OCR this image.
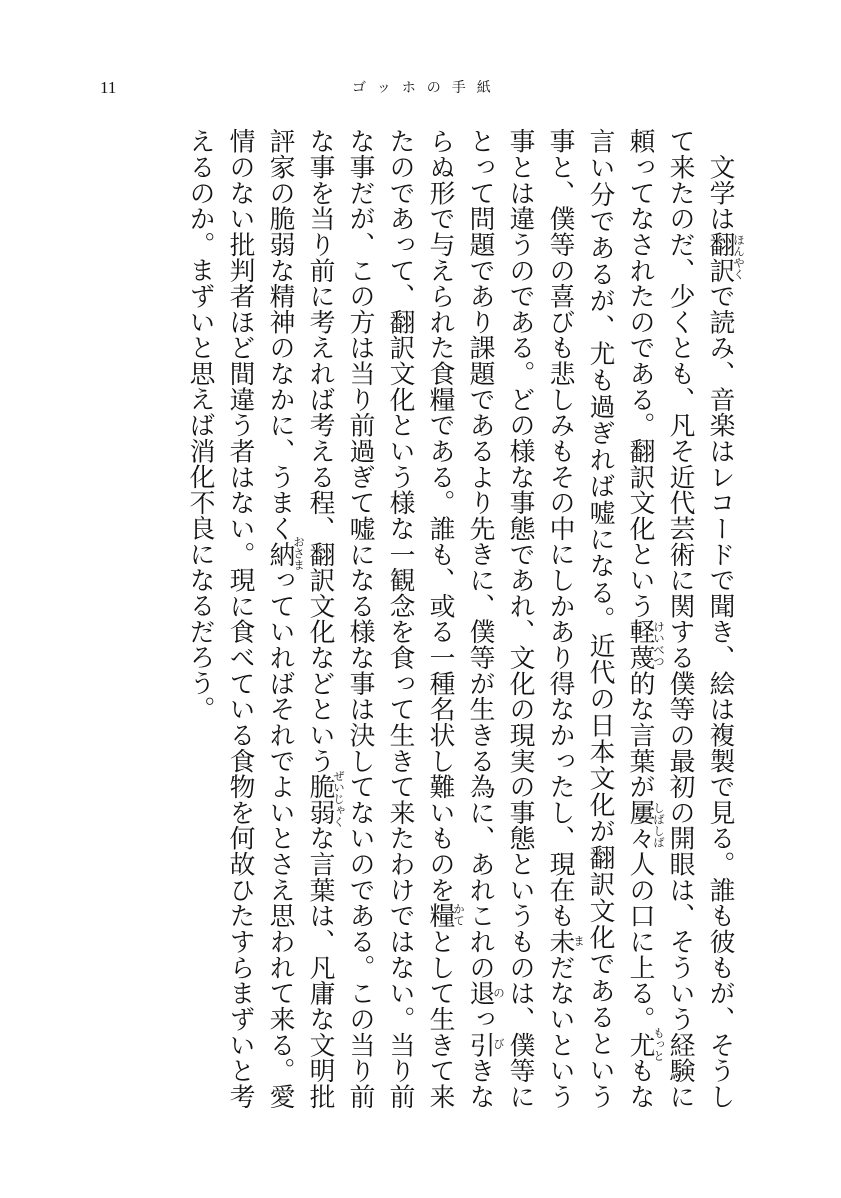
11	ゴッホの手紙
　文学は翻訳で読み、音楽はレコードで聞き、絵は複製で見る。誰も彼もが、そうし
ほんやく
て来たのだ、少くとも、凡そ近代芸術に関する僕等の最初の開眼は、そういう経験に
頼ってなされたのである。翻訳文化という軽蔑的な言葉が屢々人の口に上る。尤もな
けいべつ
しばしば
もっと
言い分であるが、尤も過ぎれば嘘になる。近代の日本文化が翻訳文化であるという
事と、僕等の喜びも悲しみもその中にしかあり得なかったし、現在も未だないという
ま
事とは違うのである。どの様な事態であれ、文化の現実の事態というものは、僕等に
とって問題であり課題であるより先きに、僕等が生きる為に、あれこれの退っ引きな
の
び
らぬ形で与えられた食糧である。誰も、或る一種名状し難いものを糧として生きて来
かて
たのであって、翻訳文化という様な一観念を食って生きて来たわけではない。当り前
な事だが、この方は当り前過ぎて嘘になる様な事は決してないのである。この当り前
な事を当り前に考えれば考える程、翻訳文化などという脆弱な言葉は、凡庸な文明批
ぜいじゃく
評家の脆弱な精神のなかに、うまく納っていればそれでよいとさえ思われて来る。愛
おさま
情のない批判者ほど間違う者はない。現に食べている食物を何故ひたすらまずいと考
えるのか。まずいと思えば消化不良になるだろう。
